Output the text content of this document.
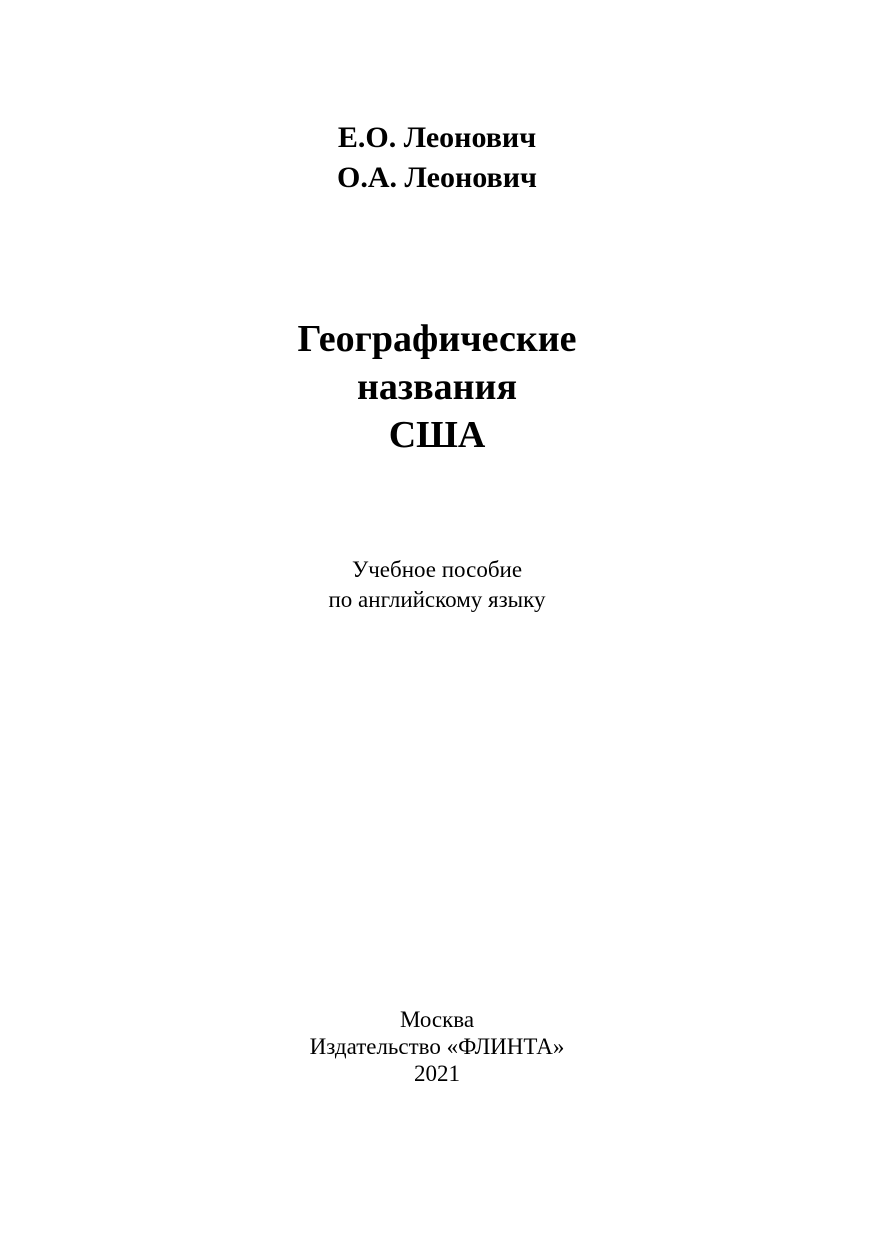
Е.О. Леонович
О.А. Леонович
Географические
названия
США
Учебное пособие
по английскому языку
Москва
Издательство «ФЛИНТА»
2021
